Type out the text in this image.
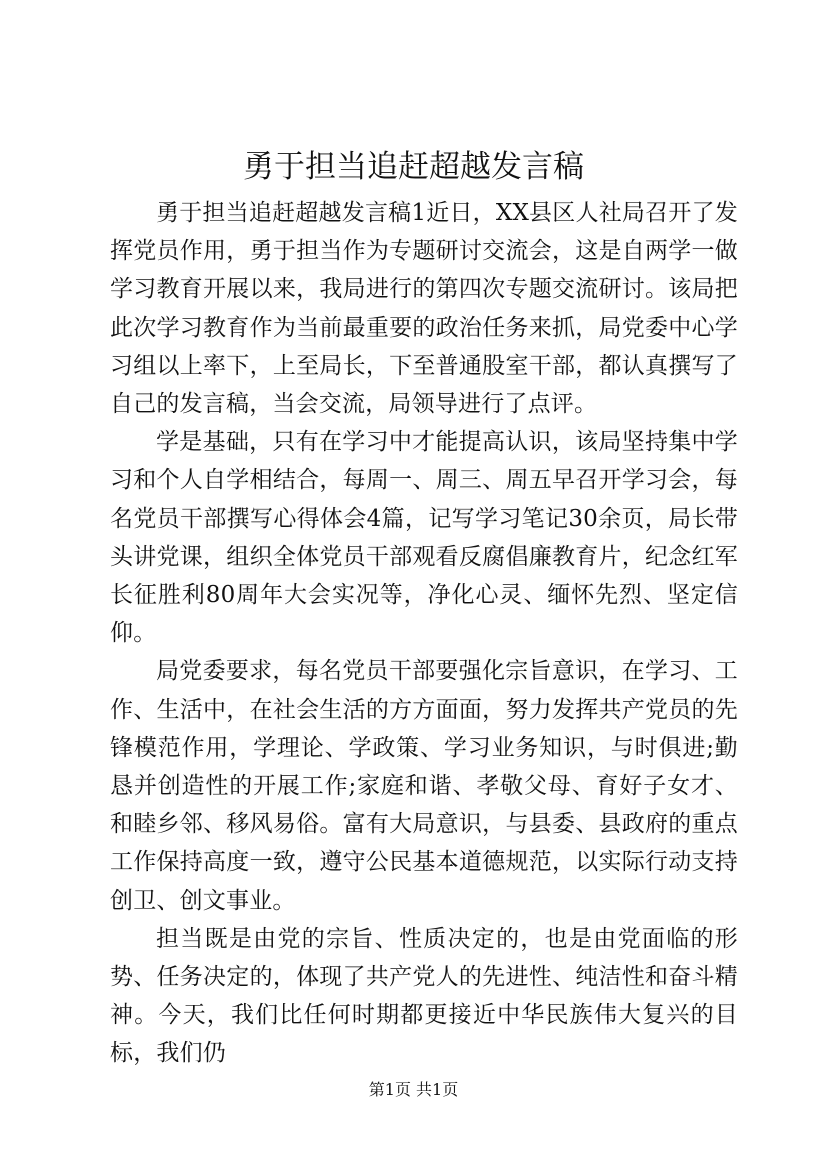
勇于担当追赶超越发言稿

勇于担当追赶超越发言稿1近日，XX县区人社局召开了发挥党员作用，勇于担当作为专题研讨交流会，这是自两学一做学习教育开展以来，我局进行的第四次专题交流研讨。该局把此次学习教育作为当前最重要的政治任务来抓，局党委中心学习组以上率下，上至局长，下至普通股室干部，都认真撰写了自己的发言稿，当会交流，局领导进行了点评。

学是基础，只有在学习中才能提高认识，该局坚持集中学习和个人自学相结合，每周一、周三、周五早召开学习会，每名党员干部撰写心得体会4篇，记写学习笔记30余页，局长带头讲党课，组织全体党员干部观看反腐倡廉教育片，纪念红军长征胜利80周年大会实况等，净化心灵、缅怀先烈、坚定信仰。

局党委要求，每名党员干部要强化宗旨意识，在学习、工作、生活中，在社会生活的方方面面，努力发挥共产党员的先锋模范作用，学理论、学政策、学习业务知识，与时俱进;勤恳并创造性的开展工作;家庭和谐、孝敬父母、育好子女才、和睦乡邻、移风易俗。富有大局意识，与县委、县政府的重点工作保持高度一致，遵守公民基本道德规范，以实际行动支持创卫、创文事业。

担当既是由党的宗旨、性质决定的，也是由党面临的形势、任务决定的，体现了共产党人的先进性、纯洁性和奋斗精神。今天，我们比任何时期都更接近中华民族伟大复兴的目标，我们仍

第1页 共1页
